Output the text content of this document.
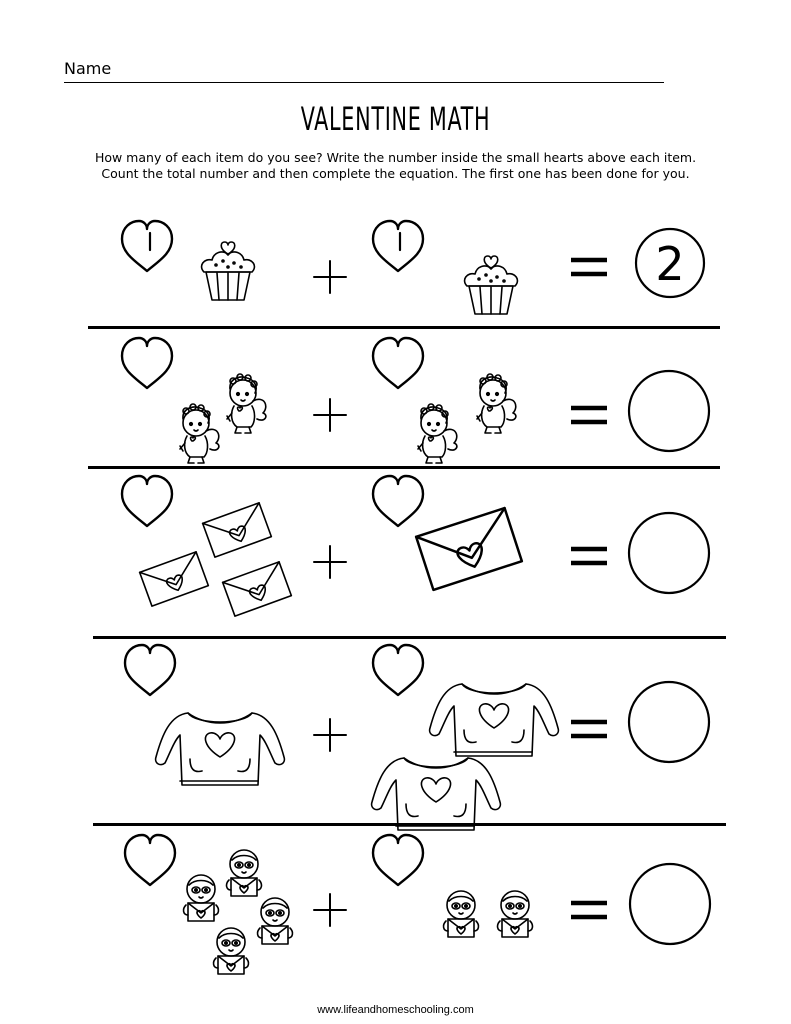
Name
VALENTINE MATH
How many of each item do you see? Write the number inside the small hearts above each item.
Count the total number and then complete the equation. The first one has been done for you.
2
www.lifeandhomeschooling.com
